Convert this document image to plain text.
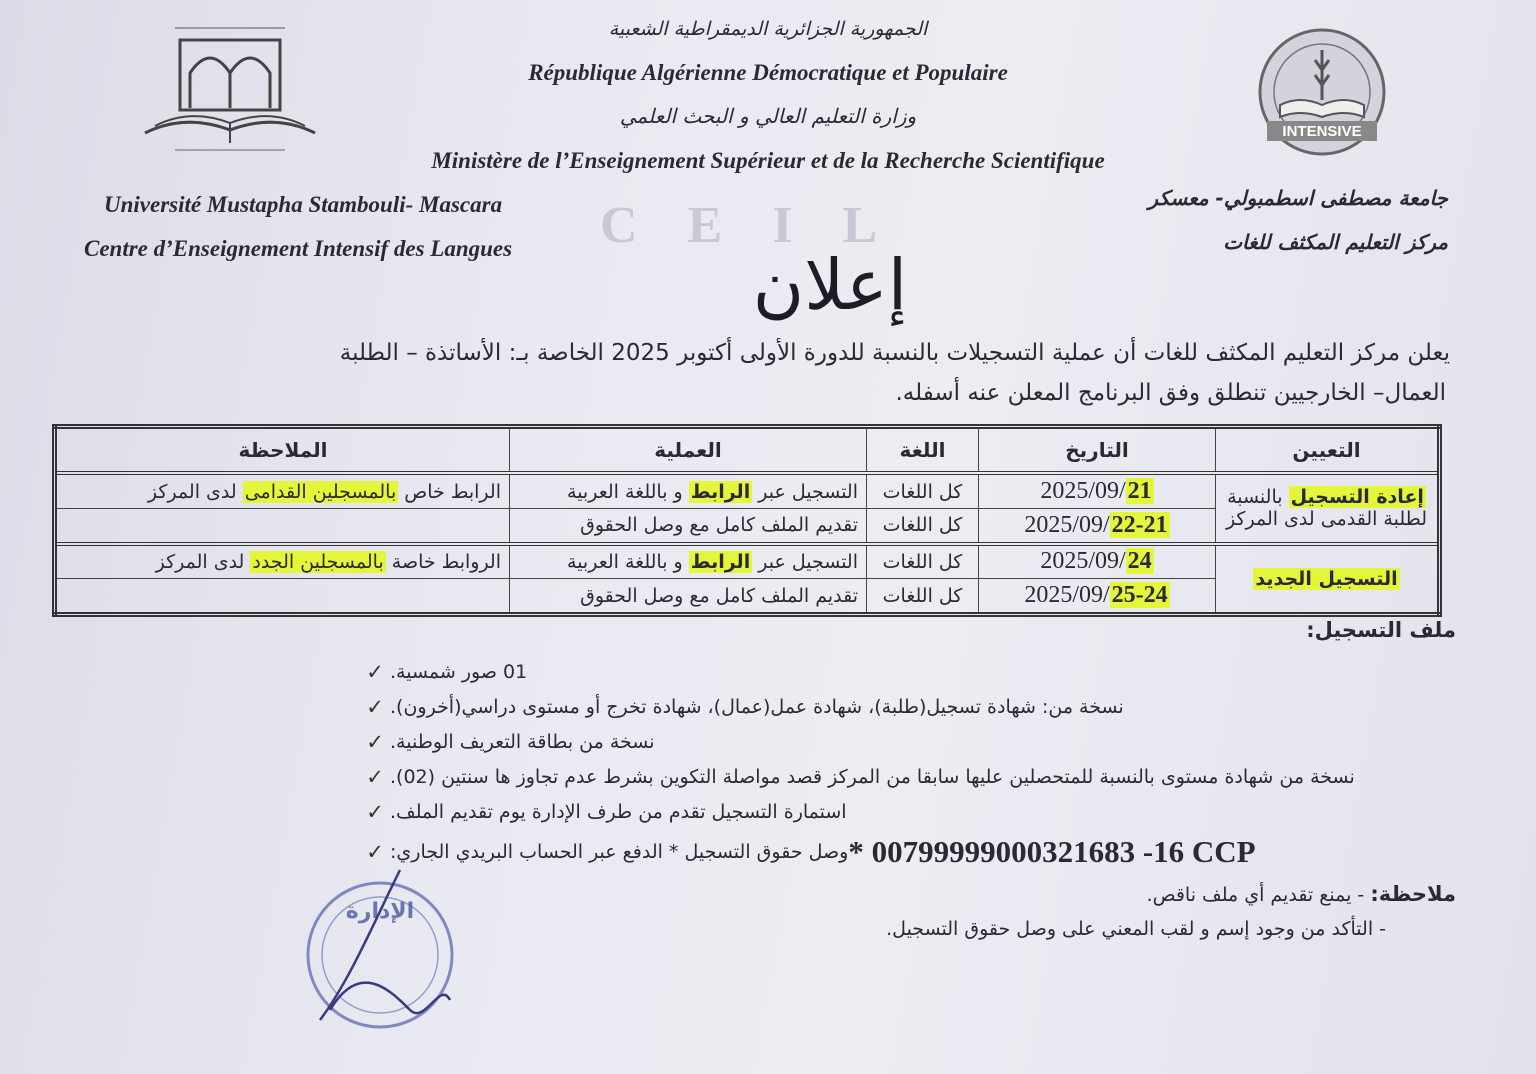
INTENSIVE
الجمهورية الجزائرية الديمقراطية الشعبية
République Algérienne Démocratique et Populaire
وزارة التعليم العالي و البحث العلمي
Ministère de l’Enseignement Supérieur et de la Recherche Scientifique
Université Mustapha Stambouli- Mascara
Centre d’Enseignement Intensif des Langues
جامعة مصطفى اسطمبولي- معسكر
مركز التعليم المكثف للغات
CEIL
إعلان
يعلن مركز التعليم المكثف للغات أن عملية التسجيلات بالنسبة للدورة الأولى أكتوبر 2025 الخاصة بـ: الأساتذة – الطلبة
العمال– الخارجيين تنطلق وفق البرنامج المعلن عنه أسفله.
التعيين	التاريخ	اللغة	العملية	الملاحظة
إعادة التسجيل بالنسبة لطلبة القدمى لدى المركز	2025/09/21	كل اللغات	التسجيل عبر الرابط و باللغة العربية	الرابط خاص بالمسجلين القدامى لدى المركز
	2025/09/22-21	كل اللغات	تقديم الملف كامل مع وصل الحقوق	
التسجيل الجديد	2025/09/24	كل اللغات	التسجيل عبر الرابط و باللغة العربية	الروابط خاصة بالمسجلين الجدد لدى المركز
	2025/09/25-24	كل اللغات	تقديم الملف كامل مع وصل الحقوق	
ملف التسجيل:
✓ 01 صور شمسية.
✓ نسخة من: شهادة تسجيل(طلبة)، شهادة عمل(عمال)، شهادة تخرج أو مستوى دراسي(أخرون).
✓ نسخة من بطاقة التعريف الوطنية.
✓ نسخة من شهادة مستوى بالنسبة للمتحصلين عليها سابقا من المركز قصد مواصلة التكوين بشرط عدم تجاوز ها سنتين (02).
✓ استمارة التسجيل تقدم من طرف الإدارة يوم تقديم الملف.
✓ وصل حقوق التسجيل * الدفع عبر الحساب البريدي الجاري: * 00799999000321683 -16 CCP
ملاحظة: - يمنع تقديم أي ملف ناقص.
- التأكد من وجود إسم و لقب المعني على وصل حقوق التسجيل.
الإدارة
